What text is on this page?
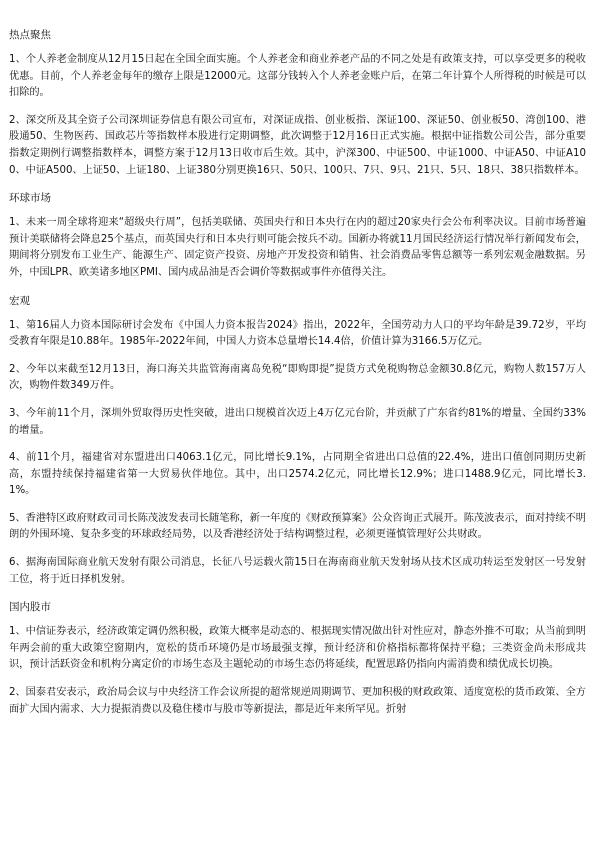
热点聚焦

1、个人养老金制度从12月15日起在全国全面实施。个人养老金和商业养老产品的不同之处是有政策支持，可以享受更多的税收优惠。目前，个人养老金每年的缴存上限是12000元。这部分钱转入个人养老金账户后，在第二年计算个人所得税的时候是可以扣除的。

2、深交所及其全资子公司深圳证券信息有限公司宣布，对深证成指、创业板指、深证100、深证50、创业板50、湾创100、港股通50、生物医药、国政芯片等指数样本股进行定期调整，此次调整于12月16日正式实施。根据中证指数公司公告，部分重要指数定期例行调整指数样本，调整方案于12月13日收市后生效。其中，沪深300、中证500、中证1000、中证A50、中证A100、中证A500、上证50、上证180、上证380分别更换16只、50只、100只、7只、9只、21只、5只、18只、38只指数样本。

环球市场

1、未来一周全球将迎来“超级央行周”，包括美联储、英国央行和日本央行在内的超过20家央行会公布利率决议。目前市场普遍预计美联储将会降息25个基点，而英国央行和日本央行则可能会按兵不动。国新办将就11月国民经济运行情况举行新闻发布会，期间将分别发布工业生产、能源生产、固定资产投资、房地产开发投资和销售、社会消费品零售总额等一系列宏观金融数据。另外，中国LPR、欧美诸多地区PMI、国内成品油是否会调价等数据或事件亦值得关注。

宏观

1、第16届人力资本国际研讨会发布《中国人力资本报告2024》指出，2022年，全国劳动力人口的平均年龄是39.72岁，平均受教育年限是10.88年。1985年-2022年间，中国人力资本总量增长14.4倍，价值计算为3166.5万亿元。

2、今年以来截至12月13日，海口海关共监管海南离岛免税“即购即提”提货方式免税购物总金额30.8亿元，购物人数157万人次，购物件数349万件。

3、今年前11个月，深圳外贸取得历史性突破，进出口规模首次迈上4万亿元台阶，并贡献了广东省约81%的增量、全国约33%的增量。

4、前11个月，福建省对东盟进出口4063.1亿元，同比增长9.1%，占同期全省进出口总值的22.4%，进出口值创同期历史新高，东盟持续保持福建省第一大贸易伙伴地位。其中，出口2574.2亿元，同比增长12.9%；进口1488.9亿元，同比增长3.1%。

5、香港特区政府财政司司长陈茂波发表司长随笔称，新一年度的《财政预算案》公众咨询正式展开。陈茂波表示，面对持续不明朗的外围环境、复杂多变的环球政经局势，以及香港经济处于结构调整过程，必须更谨慎管理好公共财政。

6、据海南国际商业航天发射有限公司消息，长征八号运载火箭15日在海南商业航天发射场从技术区成功转运至发射区一号发射工位，将于近日择机发射。

国内股市

1、中信证券表示，经济政策定调仍然积极，政策大概率是动态的、根据现实情况做出针对性应对，静态外推不可取；从当前到明年两会前的重大政策空窗期内，宽松的货币环境仍是市场最强支撑，预计经济和价格指标都将保持平稳；三类资金尚未形成共识，预计活跃资金和机构分离定价的市场生态及主题轮动的市场生态仍将延续，配置思路仍指向内需消费和绩优成长切换。

2、国泰君安表示，政治局会议与中央经济工作会议所提的超常规逆周期调节、更加积极的财政政策、适度宽松的货币政策、全方面扩大国内需求、大力提振消费以及稳住楼市与股市等新提法，都是近年来所罕见。折射
